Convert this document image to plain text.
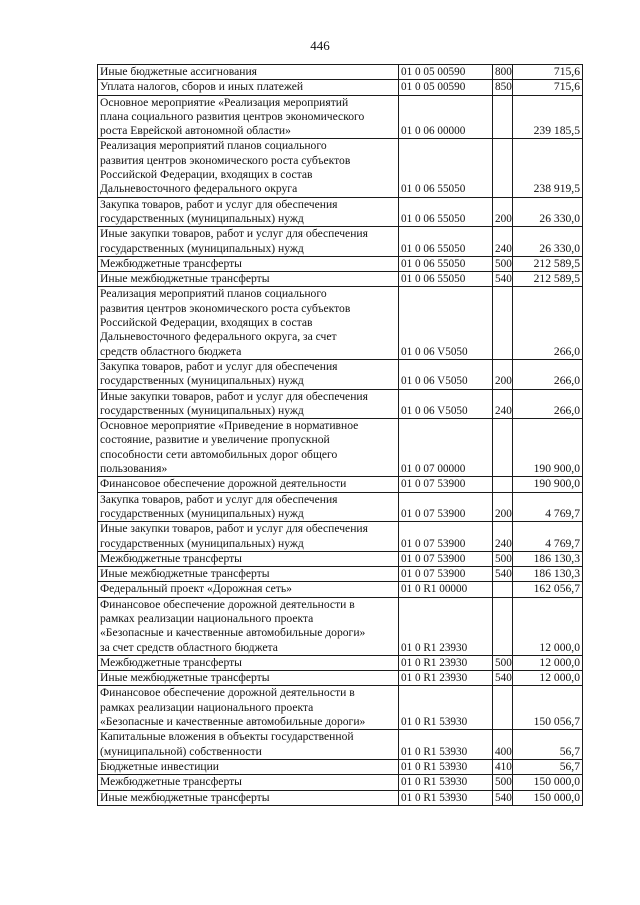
446
Иные бюджетные ассигнования	01 0 05 00590	800	715,6
Уплата налогов, сборов и иных платежей	01 0 05 00590	850	715,6
Основное мероприятие «Реализация мероприятий
плана социального развития центров экономического
роста Еврейской автономной области»	01 0 06 00000		239 185,5
Реализация мероприятий планов социального
развития центров экономического роста субъектов
Российской Федерации, входящих в состав
Дальневосточного федерального округа	01 0 06 55050		238 919,5
Закупка товаров, работ и услуг для обеспечения
государственных (муниципальных) нужд	01 0 06 55050	200	26 330,0
Иные закупки товаров, работ и услуг для обеспечения
государственных (муниципальных) нужд	01 0 06 55050	240	26 330,0
Межбюджетные трансферты	01 0 06 55050	500	212 589,5
Иные межбюджетные трансферты	01 0 06 55050	540	212 589,5
Реализация мероприятий планов социального
развития центров экономического роста субъектов
Российской Федерации, входящих в состав
Дальневосточного федерального округа, за счет
средств областного бюджета	01 0 06 V5050		266,0
Закупка товаров, работ и услуг для обеспечения
государственных (муниципальных) нужд	01 0 06 V5050	200	266,0
Иные закупки товаров, работ и услуг для обеспечения
государственных (муниципальных) нужд	01 0 06 V5050	240	266,0
Основное мероприятие «Приведение в нормативное
состояние, развитие и увеличение пропускной
способности сети автомобильных дорог общего
пользования»	01 0 07 00000		190 900,0
Финансовое обеспечение дорожной деятельности	01 0 07 53900		190 900,0
Закупка товаров, работ и услуг для обеспечения
государственных (муниципальных) нужд	01 0 07 53900	200	4 769,7
Иные закупки товаров, работ и услуг для обеспечения
государственных (муниципальных) нужд	01 0 07 53900	240	4 769,7
Межбюджетные трансферты	01 0 07 53900	500	186 130,3
Иные межбюджетные трансферты	01 0 07 53900	540	186 130,3
Федеральный проект «Дорожная сеть»	01 0 R1 00000		162 056,7
Финансовое обеспечение дорожной деятельности в
рамках реализации национального проекта
«Безопасные и качественные автомобильные дороги»
за счет средств областного бюджета	01 0 R1 23930		12 000,0
Межбюджетные трансферты	01 0 R1 23930	500	12 000,0
Иные межбюджетные трансферты	01 0 R1 23930	540	12 000,0
Финансовое обеспечение дорожной деятельности в
рамках реализации национального проекта
«Безопасные и качественные автомобильные дороги»	01 0 R1 53930		150 056,7
Капитальные вложения в объекты государственной
(муниципальной) собственности	01 0 R1 53930	400	56,7
Бюджетные инвестиции	01 0 R1 53930	410	56,7
Межбюджетные трансферты	01 0 R1 53930	500	150 000,0
Иные межбюджетные трансферты	01 0 R1 53930	540	150 000,0
